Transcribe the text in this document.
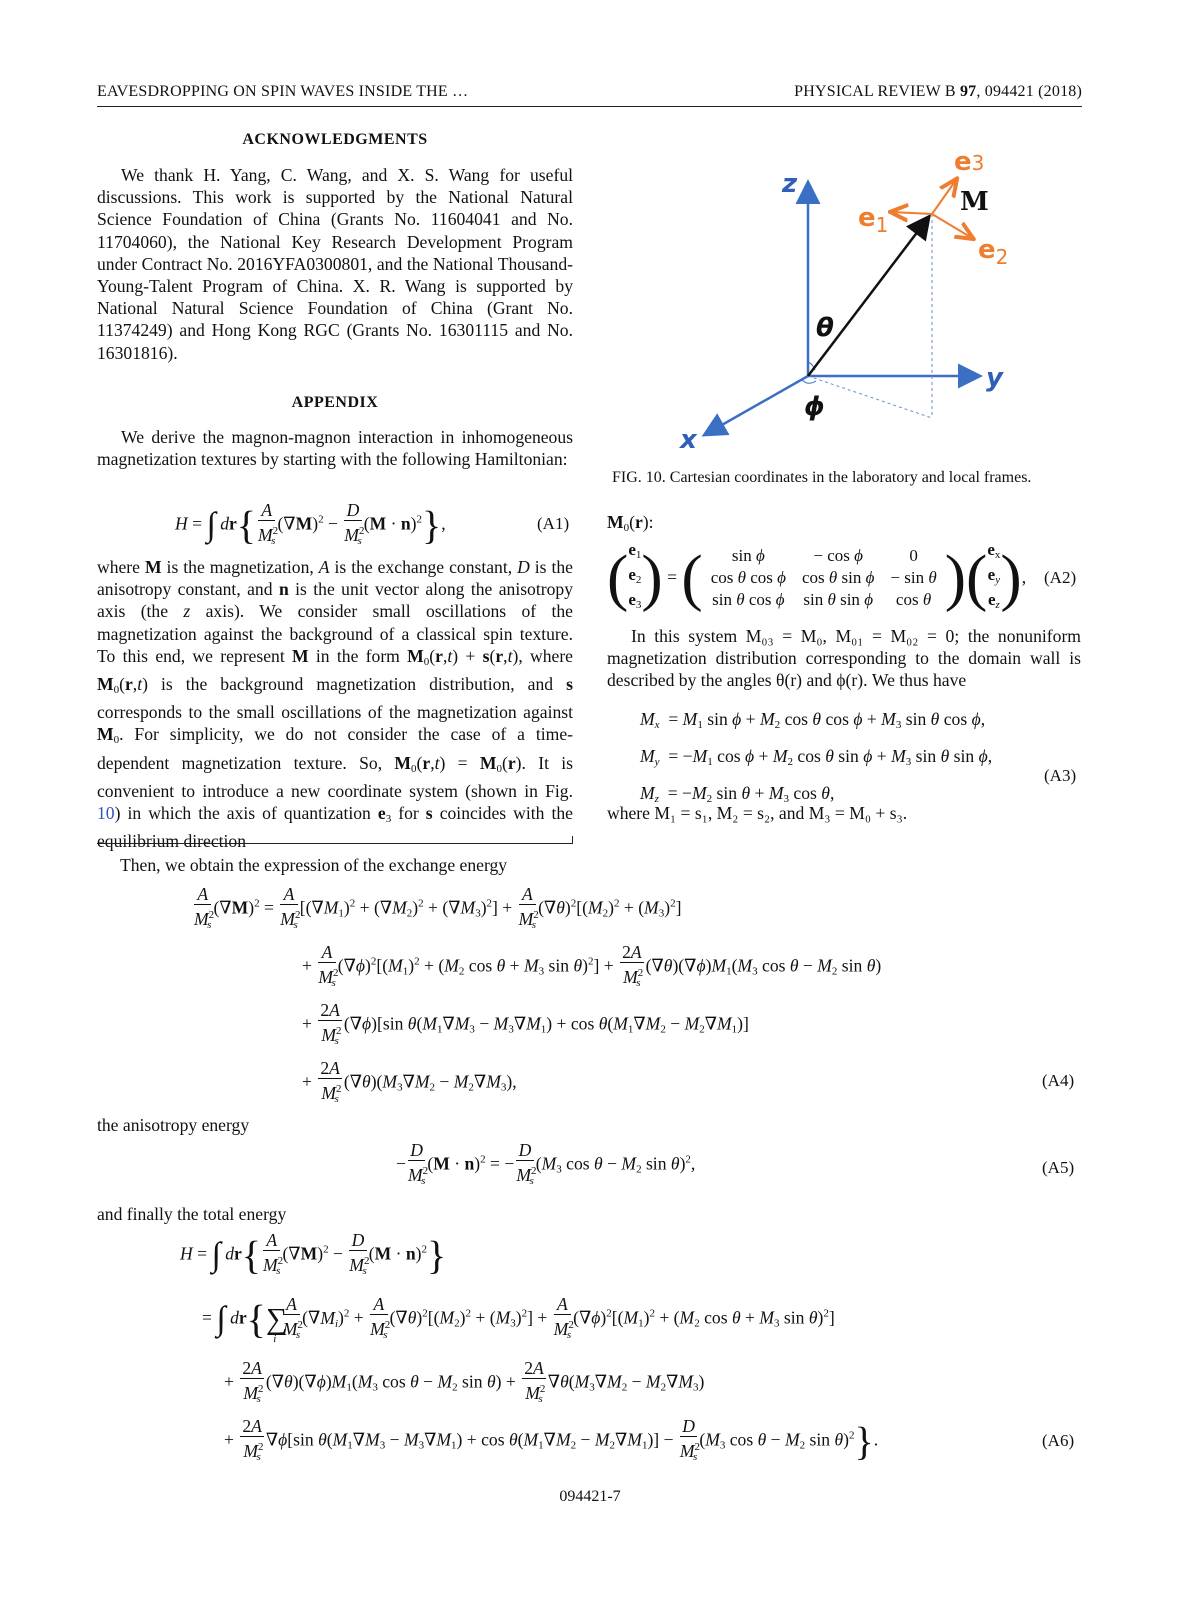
EAVESDROPPING ON SPIN WAVES INSIDE THE …	PHYSICAL REVIEW B 97, 094421 (2018)
ACKNOWLEDGMENTS

We thank H. Yang, C. Wang, and X. S. Wang for useful discussions. This work is supported by the National Natural Science Foundation of China (Grants No. 11604041 and No. 11704060), the National Key Research Development Program under Contract No. 2016YFA0300801, and the National Thousand-Young-Talent Program of China. X. R. Wang is supported by National Natural Science Foundation of China (Grant No. 11374249) and Hong Kong RGC (Grants No. 16301115 and No. 16301816).

APPENDIX

We derive the magnon-magnon interaction in inhomogeneous magnetization textures by starting with the following Hamiltonian:

H = ∫ $dr\{ \frac{A}{M^2_s} (\nabla M)^2 - \frac{D}{M^2_s} (M \cdot n)^2\}$,	(A1)

where M is the magnetization, A is the exchange constant, D is the anisotropy constant, and n is the unit vector along the anisotropy axis (the z axis). We consider small oscillations of the magnetization against the background of a classical spin texture. To this end, we represent M in the form $M_0(r,t) + s(r,t)$, where $M_0(r,t)$ is the background magnetization distribution, and s corresponds to the small oscillations of the magnetization against $M_0$. For simplicity, we do not consider the case of a time-dependent magnetization texture. So, $M_0(r,t) = M_0(r)$. It is convenient to introduce a new coordinate system (shown in Fig. 10) in which the axis of quantization $e_3$ for s coincides with the equilibrium direction

z
y
x
M
θ
ϕ
e3
$e_1$
$e_2$
FIG. 10. Cartesian coordinates in the laboratory and local frames.
$M_0(r)$:
($e_1$
$e_2$
$e_3$) = ( sin ϕ	− cos ϕ	0
cos θ cos ϕ	cos θ sin ϕ	− sin θ
sin θ cos ϕ	sin θ sin ϕ	cos θ )($e_x$
$e_y$
$e_z$), (A2)

In this system M₀₃ = M₀, M₀₁ = M₀₂ = 0; the nonuniform magnetization distribution corresponding to the domain wall is described by the angles θ(r) and ϕ(r). We thus have

$M_x = M_1$ $\sin \phi + M_2$ cos θ $\cos \phi + M_3$ sin θ cos ϕ,
$M_y = -M_1$ $\cos \phi + M_2$ cos θ $\sin \phi + M_3$ sin θ sin ϕ,
$M_z = -M_2$ $\sin \theta + M_3$ cos θ,
(A3)

where M₁ = s₁, M₂ = s₂, and M₃ = M₀ + s₃.

Then, we obtain the expression of the exchange energy
$\frac{A}{M^2_s} (\nabla M)^2 = \frac{A}{M^2_s} [(\nabla M_1)^2 + (\nabla M_2)^2 + (\nabla M_3)^2] + \frac{A}{M^2_s} (\nabla\theta)^2[(M_2)^2 + (M_3)^2]$
+ $\frac{A}{M^2_s} (\nabla\phi)^2[(M_1)^2 + (M_2$ $\cos \theta + M_3$ $\sin \theta)^2] + \frac{2A}{M^2_s} (\nabla\theta)(\nabla\phi)M_1(M_3$ $\cos \theta - M_2$ sin θ)
+ $\frac{2A}{M^2_s} (\nabla\phi)[\sin$ $\theta(M_1\nabla M_3 - M_3\nabla M_1) + \cos \theta(M_1\nabla M_2 - M_2\nabla M_1)$]
+ $\frac{2A}{M^2_s} (\nabla\theta)(M_3\nabla M_2 - M_2\nabla M_3)$,	(A4)
the anisotropy energy
− $\frac{D}{M^2_s} (M \cdot n)^2$ = − $\frac{D}{M^2_s} (M_3$ $\cos \theta - M_2$ sin θ)$^2$,	(A5)
and finally the total energy
H = ∫ $dr\{ \frac{A}{M^2_s} (\nabla M)^2 - \frac{D}{M^2_s} (M \cdot n)^2\}$
= ∫ $dr\{\sum_i \frac{A}{M^2_s} (\nabla M_i)^2 + \frac{A}{M^2_s} (\nabla\theta)^2[(M_2)^2 + (M_3)^2] + \frac{A}{M^2_s} (\nabla\phi)^2[(M_1)^2 + (M_2$ $\cos \theta + M_3$ sin θ)$^2$]
+ $\frac{2A}{M^2_s} (\nabla\theta)(\nabla\phi)M_1(M_3$ $\cos \theta - M_2$ $\sin \theta) + \frac{2A}{M^2_s} \nabla\theta(M_3\nabla M_2 - M_2\nabla M_3)$
+ $\frac{2A}{M^2_s} \nabla\phi[\sin$ $\theta(M_1\nabla M_3 - M_3\nabla M_1) + \cos \theta(M_1\nabla M_2 - M_2\nabla M_1)] - \frac{D}{M^2_s} (M_3$ $\cos \theta - M_2$ sin θ)$^2$}.	(A6)
094421-7
